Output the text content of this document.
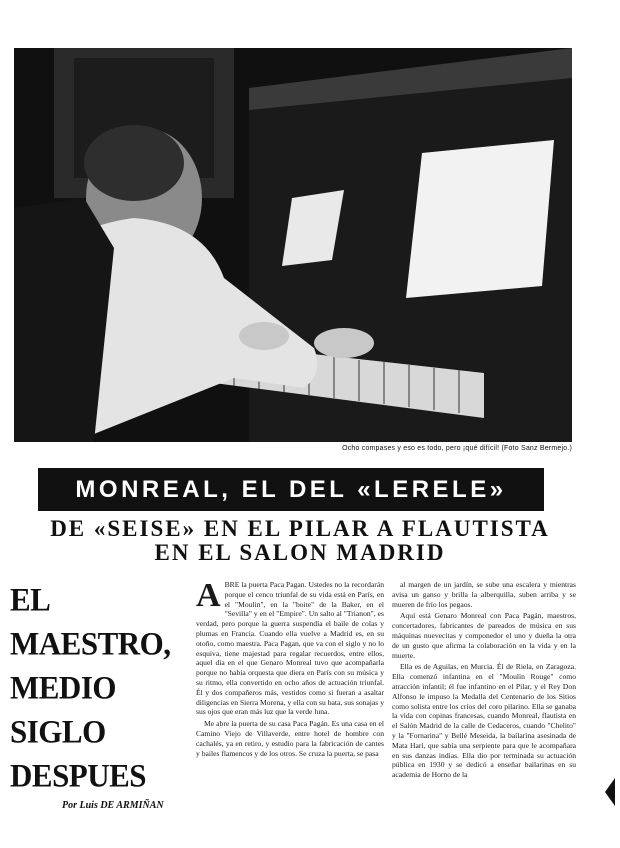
Ocho compases y eso es todo, pero ¡qué difícil! (Foto Sanz Bermejo.)
MONREAL, EL DEL «LERELE»
DE «SEISE» EN EL PILAR A FLAUTISTA
EN EL SALON MADRID
EL
MAESTRO,
MEDIO
SIGLO
DESPUES
Por Luis DE ARMIÑAN

ABRE la puerta Paca Pagan. Ustedes no la recordarán porque el cenco triunfal de su vida está en París, en el "Moulin", en la "boite" de la Baker, en el "Sevilla" y en el "Empire". Un salto al "Trianon", es verdad, pero porque la guerra suspendía el baile de colas y plumas en Francia. Cuando ella vuelve a Madrid es, en su otoño, como maestra. Paca Pagan, que va con el siglo y no lo esquiva, tiene majestad para regalar recuerdos, entre ellos, aquel día en el que Genaro Monreal tuvo que acompañarla porque no había orquesta que diera en París con su música y su ritmo, ella convertido en ocho años de actuación triunfal. Él y dos compañeros más, vestidos como si fueran a asaltar diligencias en Sierra Morena, y ella con su bata, sus sonajas y sus ojos que eran más luz que la verde luna.

Me abre la puerta de su casa Paca Pagán. Es una casa en el Camino Viejo de Villaverde, entre hotel de hombre con cachalés, ya en retiro, y estudio para la fabricación de cantes y bailes flamencos y de los otros. Se cruza la puerta, se pasa

al margen de un jardín, se sube una escalera y mientras avisa un ganso y brilla la alberquilla, suben arriba y se mueren de frío los pegaos.

Aquí está Genaro Monreal con Paca Pagán, maestros, concertadores, fabricantes de pareados de música en sus máquinas nuevecitas y componedor el uno y dueña la otra de un gusto que afirma la colaboración en la vida y en la muerte.

Ella es de Aguilas, en Murcia. Él de Riela, en Zaragoza. Ella comenzó infantina en el "Moulin Rouge" como atracción infantil; él fue infantino en el Pilar, y el Rey Don Alfonso le impuso la Medalla del Centenario de los Sitios como solista entre los críos del coro pilarino. Ella se ganaba la vida con copinas francesas, cuando Monreal, flautista en el Salón Madrid de la calle de Cedaceros, cuando "Chelito" y la "Fornarina" y Bellé Meseida, la bailarina asesinada de Mata Hari, que sabía una serpiente para que le acompañara en sus danzas indias. Ella dio por terminada su actuación pública en 1930 y se dedicó a enseñar bailarinas en su academia de Horno de la
